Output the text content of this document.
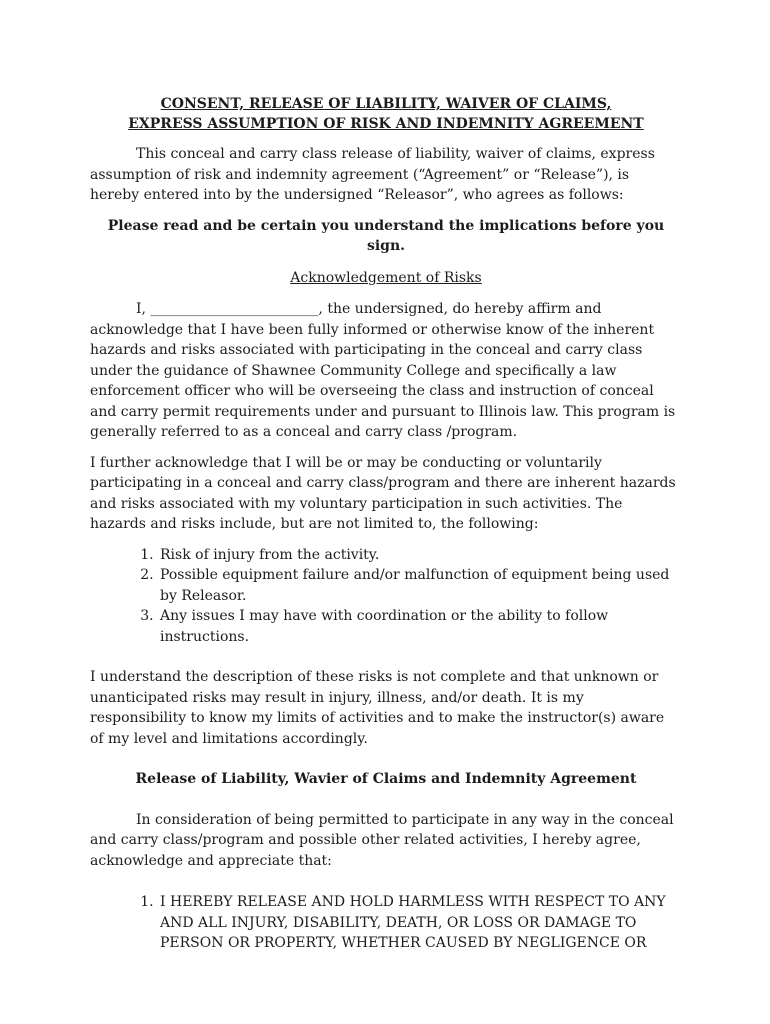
CONSENT, RELEASE OF LIABILITY, WAIVER OF CLAIMS, EXPRESS ASSUMPTION OF RISK AND INDEMNITY AGREEMENT

This conceal and carry class release of liability, waiver of claims, express assumption of risk and indemnity agreement (“Agreement” or “Release”), is hereby entered into by the undersigned “Releasor”, who agrees as follows:

Please read and be certain you understand the implications before you sign.

Acknowledgement of Risks

I, ________________________, the undersigned, do hereby affirm and acknowledge that I have been fully informed or otherwise know of the inherent hazards and risks associated with participating in the conceal and carry class under the guidance of Shawnee Community College and specifically a law enforcement officer who will be overseeing the class and instruction of conceal and carry permit requirements under and pursuant to Illinois law. This program is generally referred to as a conceal and carry class /program.

I further acknowledge that I will be or may be conducting or voluntarily participating in a conceal and carry class/program and there are inherent hazards and risks associated with my voluntary participation in such activities. The hazards and risks include, but are not limited to, the following:

1. Risk of injury from the activity.
2. Possible equipment failure and/or malfunction of equipment being used by Releasor.
3. Any issues I may have with coordination or the ability to follow instructions.

I understand the description of these risks is not complete and that unknown or unanticipated risks may result in injury, illness, and/or death. It is my responsibility to know my limits of activities and to make the instructor(s) aware of my level and limitations accordingly.

Release of Liability, Wavier of Claims and Indemnity Agreement

In consideration of being permitted to participate in any way in the conceal and carry class/program and possible other related activities, I hereby agree, acknowledge and appreciate that:

1. I HEREBY RELEASE AND HOLD HARMLESS WITH RESPECT TO ANY AND ALL INJURY, DISABILITY, DEATH, OR LOSS OR DAMAGE TO PERSON OR PROPERTY, WHETHER CAUSED BY NEGLIGENCE OR
